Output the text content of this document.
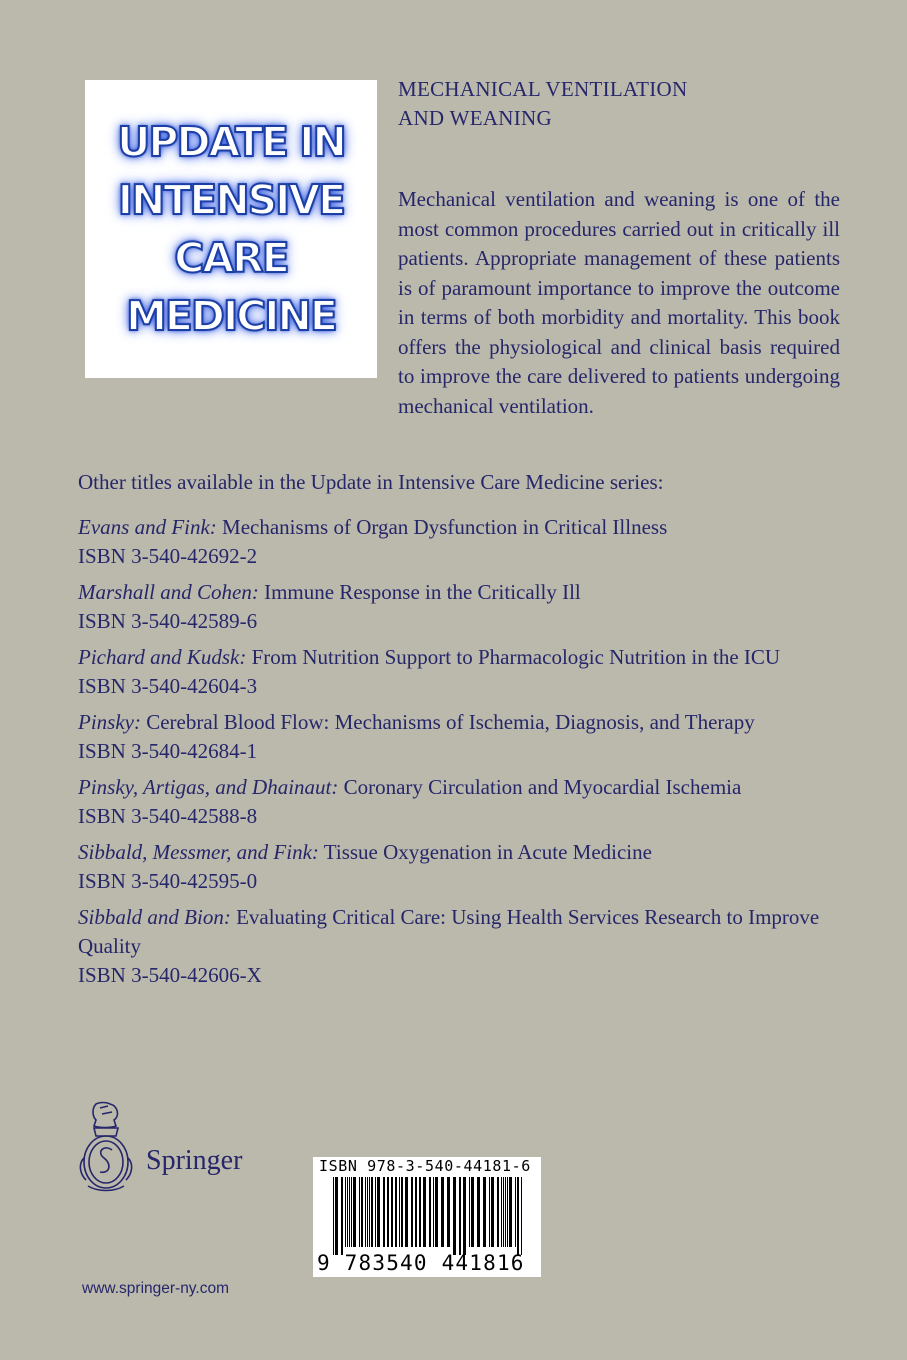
UPDATE IN
INTENSIVE
CARE
MEDICINE
MECHANICAL VENTILATION
AND WEANING
Mechanical ventilation and weaning is one of the most common procedures carried out in critically ill patients. Appropriate management of these patients is of paramount importance to improve the outcome in terms of both morbidity and mortality. This book offers the physiological and clinical basis required to improve the care delivered to patients undergoing mechanical ventilation.
Other titles available in the Update in Intensive Care Medicine series:
Evans and Fink: Mechanisms of Organ Dysfunction in Critical Illness
ISBN 3-540-42692-2
Marshall and Cohen: Immune Response in the Critically Ill
ISBN 3-540-42589-6
Pichard and Kudsk: From Nutrition Support to Pharmacologic Nutrition in the ICU
ISBN 3-540-42604-3
Pinsky: Cerebral Blood Flow: Mechanisms of Ischemia, Diagnosis, and Therapy
ISBN 3-540-42684-1
Pinsky, Artigas, and Dhainaut: Coronary Circulation and Myocardial Ischemia
ISBN 3-540-42588-8
Sibbald, Messmer, and Fink: Tissue Oxygenation in Acute Medicine
ISBN 3-540-42595-0
Sibbald and Bion: Evaluating Critical Care: Using Health Services Research to Improve Quality
ISBN 3-540-42606-X
Springer	ISBN 978-3-540-44181-6
9 783540 441816
www.springer-ny.com
